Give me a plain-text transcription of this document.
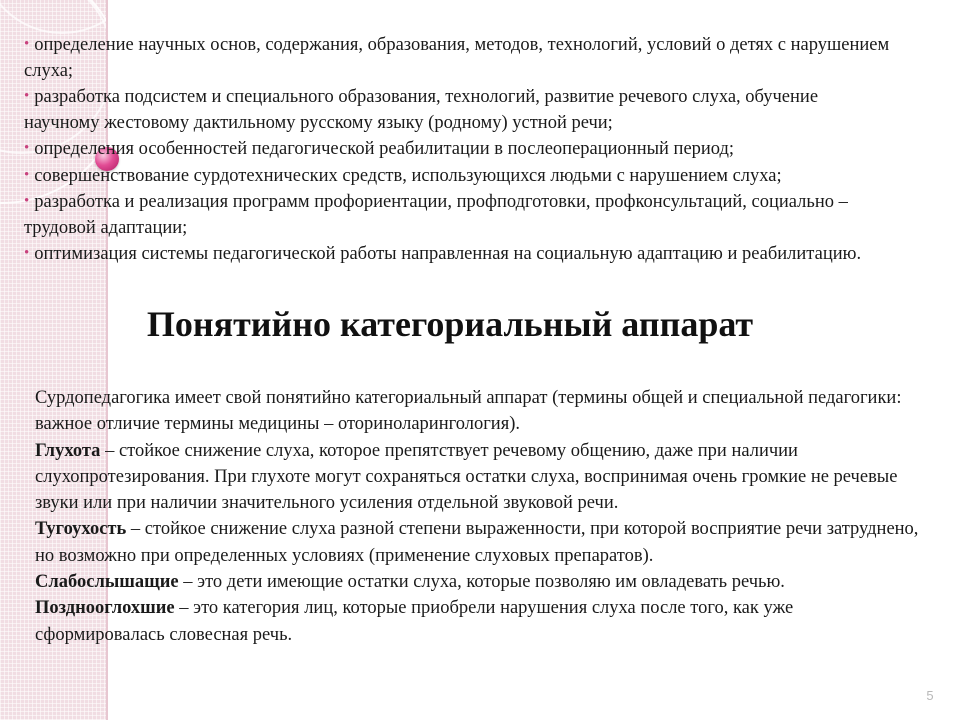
• определение научных основ, содержания, образования, методов, технологий, условий о детях с нарушением слуха;
• разработка подсистем и специального образования, технологий, развитие речевого слуха, обучение научному жестовому дактильному русскому языку (родному) устной речи;
• определения особенностей педагогической реабилитации в послеоперационный период;
• совершенствование сурдотехнических средств, использующихся людьми с нарушением слуха;
• разработка и реализация программ профориентации, профподготовки, профконсультаций, социально – трудовой адаптации;
• оптимизация системы педагогической работы направленная на социальную адаптацию и реабилитацию.
Понятийно категориальный аппарат

Сурдопедагогика имеет свой понятийно категориальный аппарат (термины общей и специальной педагогики: важное отличие термины медицины – оториноларингология).

Глухота – стойкое снижение слуха, которое препятствует речевому общению, даже при наличии слухопротезирования. При глухоте могут сохраняться остатки слуха, воспринимая очень громкие не речевые звуки или при наличии значительного усиления отдельной звуковой речи.

Тугоухость – стойкое снижение слуха разной степени выраженности, при которой восприятие речи затруднено, но возможно при определенных условиях (применение слуховых препаратов).

Слабослышащие – это дети имеющие остатки слуха, которые позволяю им овладевать речью.

Позднооглохшие – это категория лиц, которые приобрели нарушения слуха после того, как уже сформировалась словесная речь.

5
